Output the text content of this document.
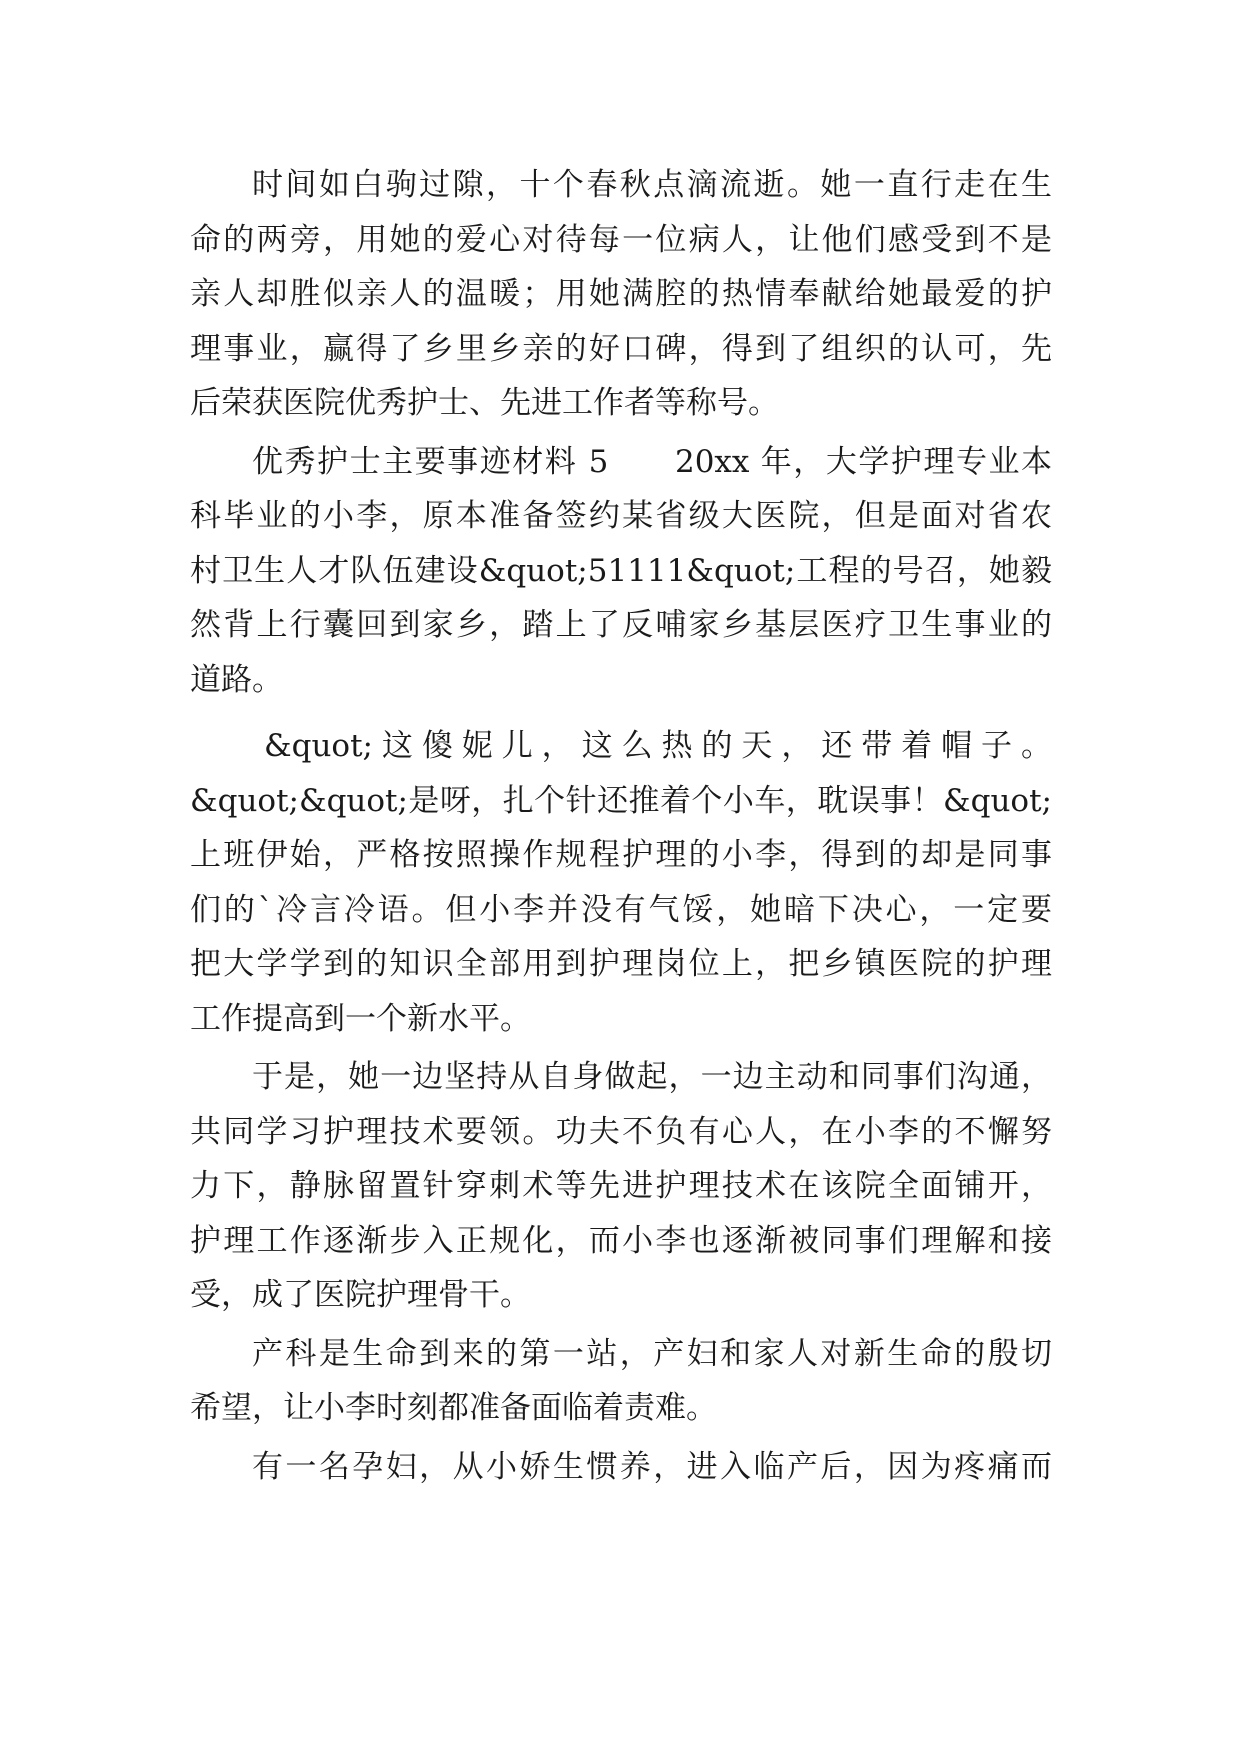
时间如白驹过隙，十个春秋点滴流逝。她一直行走在生
命的两旁，用她的爱心对待每一位病人，让他们感受到不是
亲人却胜似亲人的温暖；用她满腔的热情奉献给她最爱的护
理事业，赢得了乡里乡亲的好口碑，得到了组织的认可，先
后荣获医院优秀护士、先进工作者等称号。
优秀护士主要事迹材料 5　　20xx 年，大学护理专业本
科毕业的小李，原本准备签约某省级大医院，但是面对省农
村卫生人才队伍建设&quot;51111&quot;工程的号召，她毅
然背上行囊回到家乡，踏上了反哺家乡基层医疗卫生事业的
道路。
&quot;这傻妮儿，这么热的天，还带着帽子。
&quot;&quot;是呀，扎个针还推着个小车，耽误事！&quot;
上班伊始，严格按照操作规程护理的小李，得到的却是同事
们的`冷言冷语。但小李并没有气馁，她暗下决心，一定要
把大学学到的知识全部用到护理岗位上，把乡镇医院的护理
工作提高到一个新水平。
于是，她一边坚持从自身做起，一边主动和同事们沟通，
共同学习护理技术要领。功夫不负有心人，在小李的不懈努
力下，静脉留置针穿刺术等先进护理技术在该院全面铺开，
护理工作逐渐步入正规化，而小李也逐渐被同事们理解和接
受，成了医院护理骨干。
产科是生命到来的第一站，产妇和家人对新生命的殷切
希望，让小李时刻都准备面临着责难。
有一名孕妇，从小娇生惯养，进入临产后，因为疼痛而
